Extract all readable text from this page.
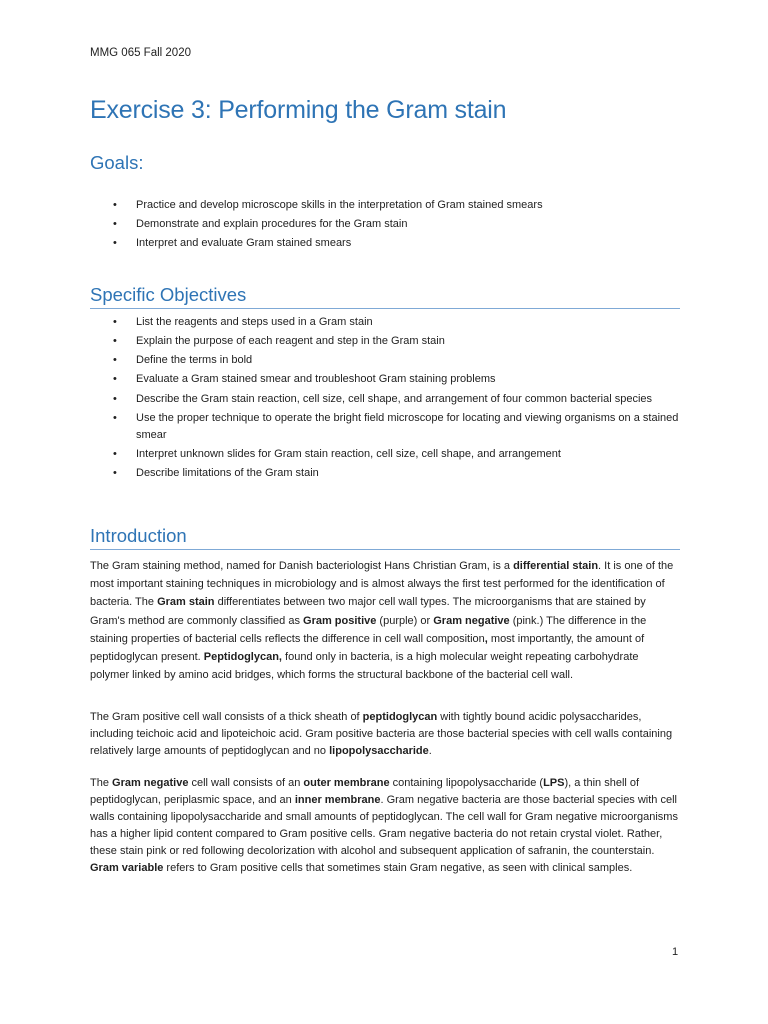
MMG 065 Fall 2020
Exercise 3: Performing the Gram stain
Goals:
• Practice and develop microscope skills in the interpretation of Gram stained smears
• Demonstrate and explain procedures for the Gram stain
• Interpret and evaluate Gram stained smears
Specific Objectives
• List the reagents and steps used in a Gram stain
• Explain the purpose of each reagent and step in the Gram stain
• Define the terms in bold
• Evaluate a Gram stained smear and troubleshoot Gram staining problems
• Describe the Gram stain reaction, cell size, cell shape, and arrangement of four common bacterial species
• Use the proper technique to operate the bright field microscope for locating and viewing organisms on a stained smear
• Interpret unknown slides for Gram stain reaction, cell size, cell shape, and arrangement
• Describe limitations of the Gram stain
Introduction

The Gram staining method, named for Danish bacteriologist Hans Christian Gram, is a differential stain. It is one of the most important staining techniques in microbiology and is almost always the first test performed for the identification of bacteria. The Gram stain differentiates between two major cell wall types. The microorganisms that are stained by Gram's method are commonly classified as Gram positive (purple) or Gram negative (pink.) The difference in the staining properties of bacterial cells reflects the difference in cell wall composition, most importantly, the amount of peptidoglycan present. Peptidoglycan, found only in bacteria, is a high molecular weight repeating carbohydrate polymer linked by amino acid bridges, which forms the structural backbone of the bacterial cell wall.

The Gram positive cell wall consists of a thick sheath of peptidoglycan with tightly bound acidic polysaccharides, including teichoic acid and lipoteichoic acid. Gram positive bacteria are those bacterial species with cell walls containing relatively large amounts of peptidoglycan and no lipopolysaccharide.

The Gram negative cell wall consists of an outer membrane containing lipopolysaccharide (LPS), a thin shell of peptidoglycan, periplasmic space, and an inner membrane. Gram negative bacteria are those bacterial species with cell walls containing lipopolysaccharide and small amounts of peptidoglycan. The cell wall for Gram negative microorganisms has a higher lipid content compared to Gram positive cells. Gram negative bacteria do not retain crystal violet. Rather, these stain pink or red following decolorization with alcohol and subsequent application of safranin, the counterstain. Gram variable refers to Gram positive cells that sometimes stain Gram negative, as seen with clinical samples.

1
